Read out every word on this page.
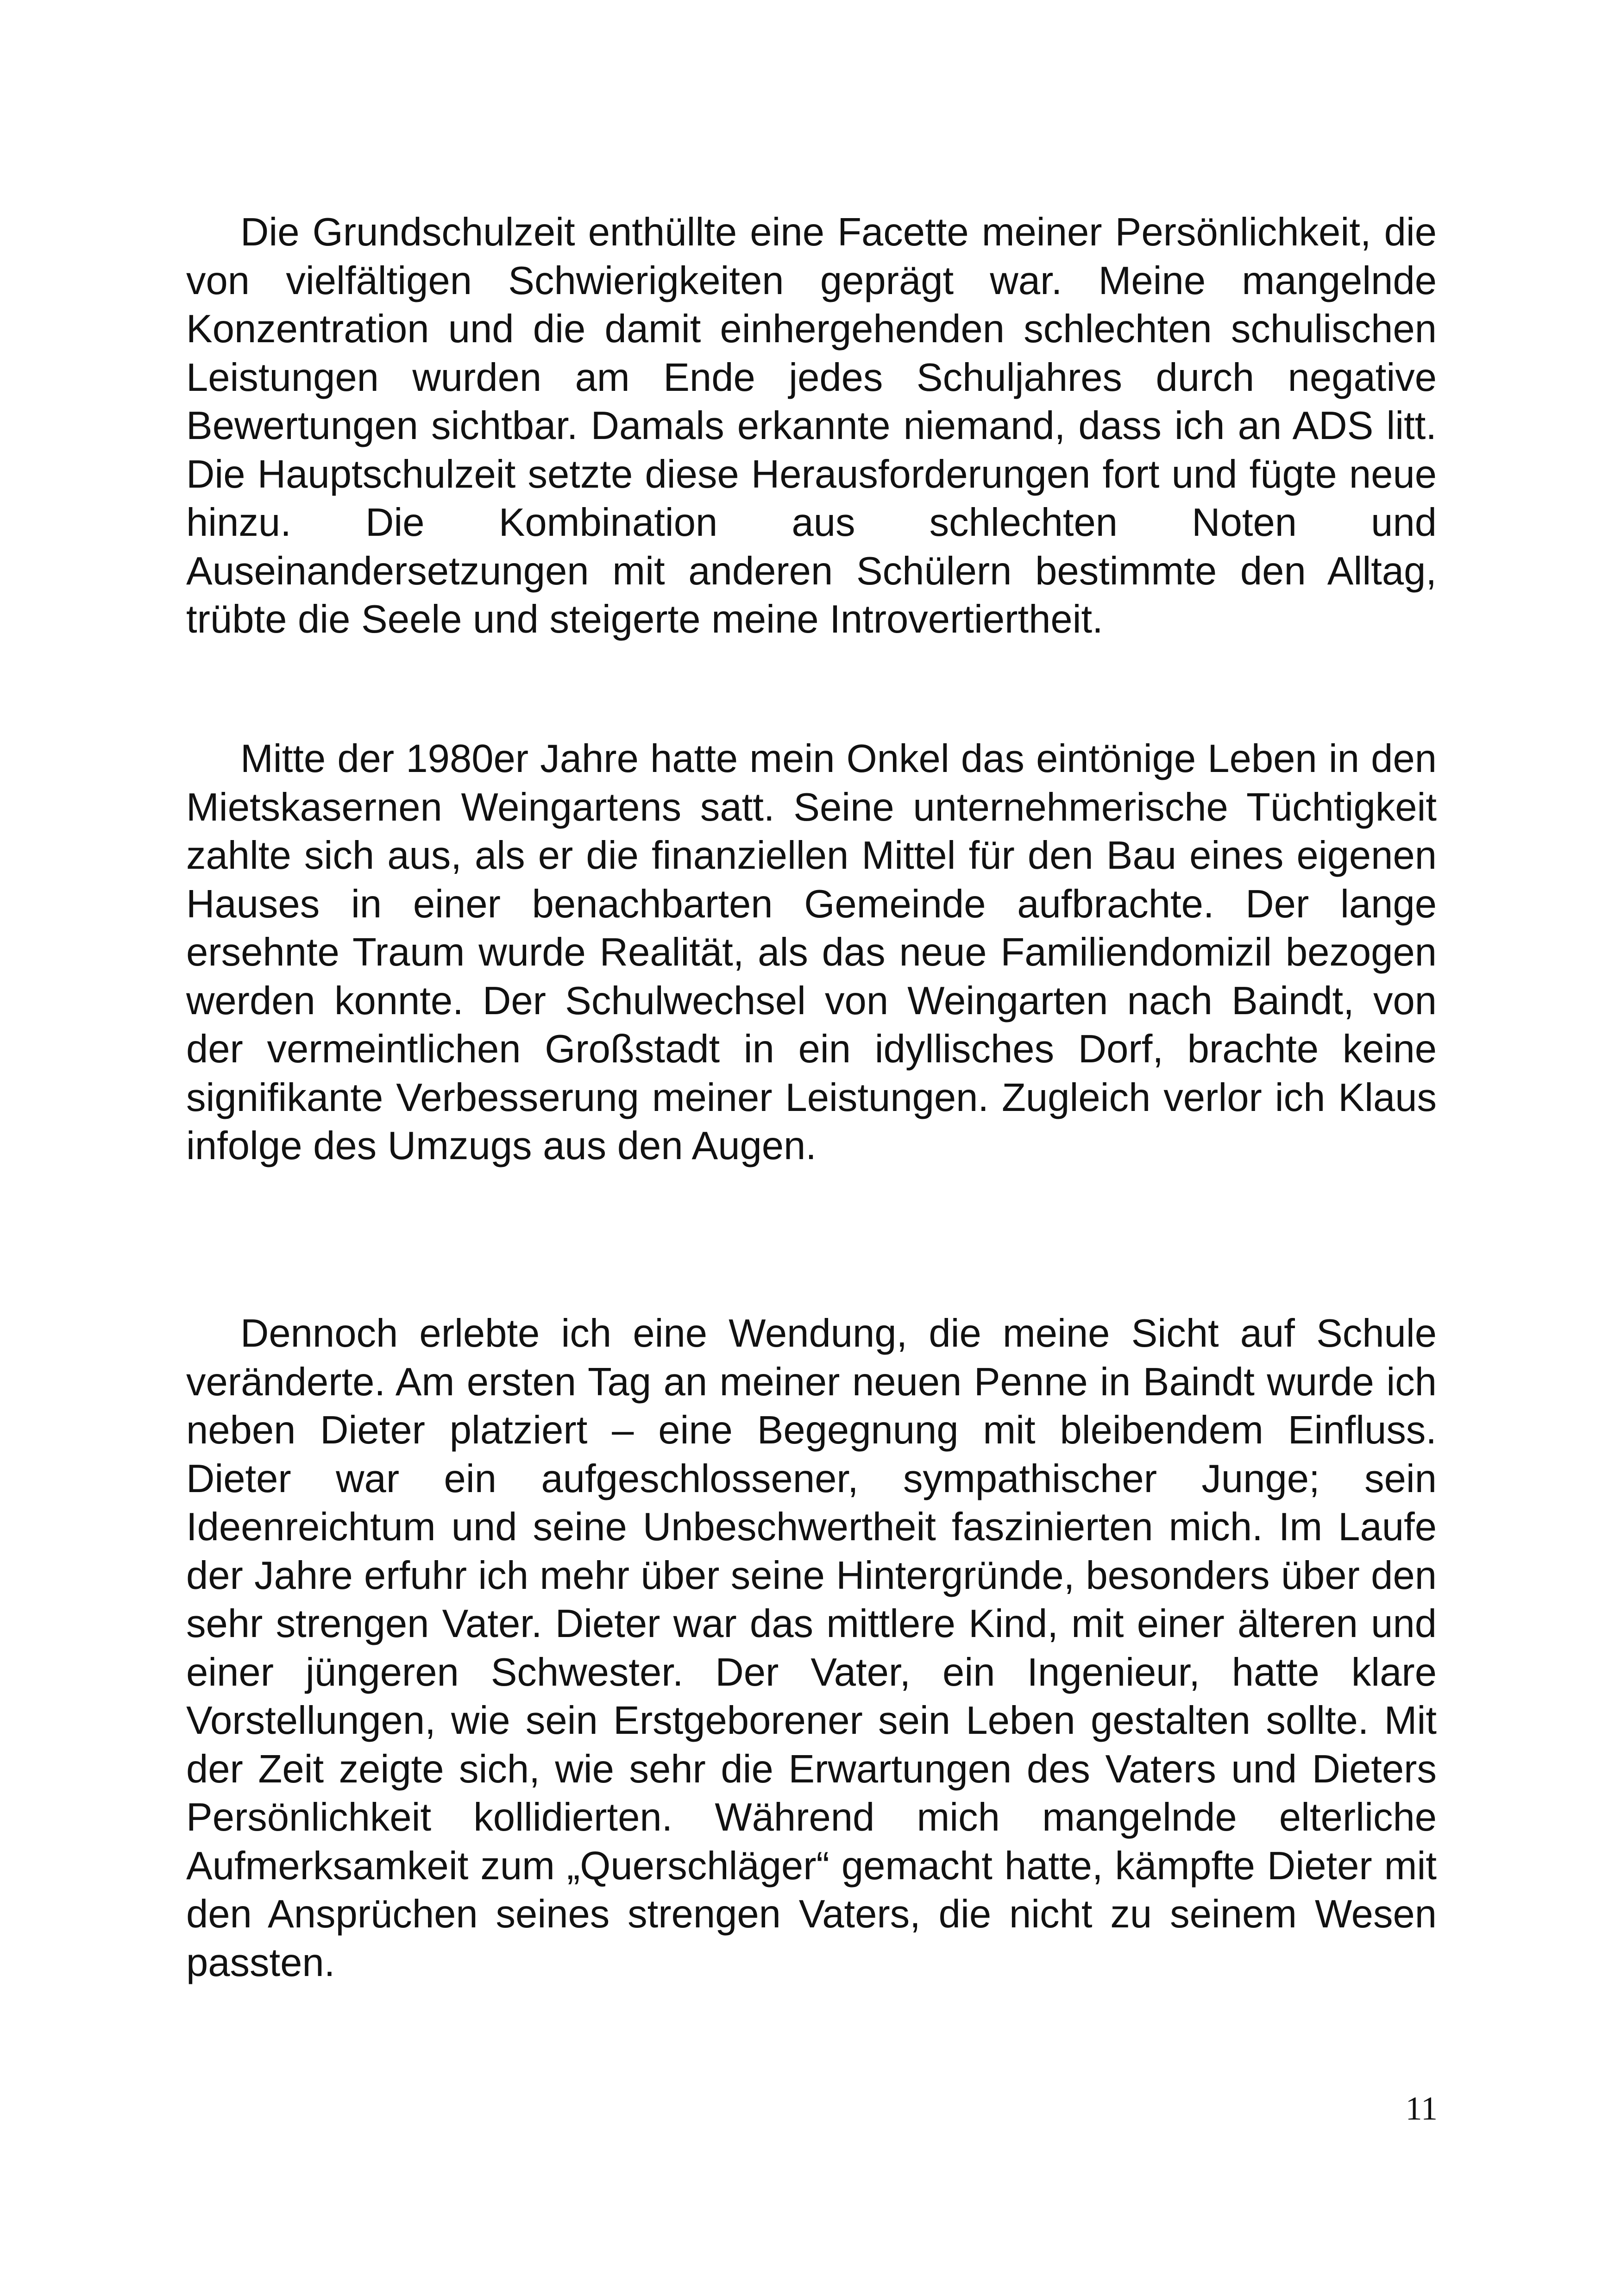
Die Grundschulzeit enthüllte eine Facette meiner Persönlichkeit, die von vielfältigen Schwierigkeiten geprägt war. Meine mangelnde Konzentration und die damit einhergehenden schlechten schulischen Leistungen wurden am Ende jedes Schuljahres durch negative Bewertungen sichtbar. Damals erkannte niemand, dass ich an ADS litt. Die Hauptschulzeit setzte diese Herausforderungen fort und fügte neue hinzu. Die Kombination aus schlechten Noten und Auseinandersetzungen mit anderen Schülern bestimmte den Alltag, trübte die Seele und steigerte meine Introvertiertheit.

Mitte der 1980er Jahre hatte mein Onkel das eintönige Leben in den Mietskasernen Weingartens satt. Seine unternehmerische Tüchtigkeit zahlte sich aus, als er die finanziellen Mittel für den Bau eines eigenen Hauses in einer benachbarten Gemeinde aufbrachte. Der lange ersehnte Traum wurde Realität, als das neue Familiendomizil bezogen werden konnte. Der Schulwechsel von Weingarten nach Baindt, von der vermeintlichen Großstadt in ein idyllisches Dorf, brachte keine signifikante Verbesserung meiner Leistungen. Zugleich verlor ich Klaus infolge des Umzugs aus den Augen.

Dennoch erlebte ich eine Wendung, die meine Sicht auf Schule veränderte. Am ersten Tag an meiner neuen Penne in Baindt wurde ich neben Dieter platziert – eine Begegnung mit bleibendem Einfluss. Dieter war ein aufgeschlossener, sympathischer Junge; sein Ideenreichtum und seine Unbeschwertheit faszinierten mich. Im Laufe der Jahre erfuhr ich mehr über seine Hintergründe, besonders über den sehr strengen Vater. Dieter war das mittlere Kind, mit einer älteren und einer jüngeren Schwester. Der Vater, ein Ingenieur, hatte klare Vorstellungen, wie sein Erstgeborener sein Leben gestalten sollte. Mit der Zeit zeigte sich, wie sehr die Erwartungen des Vaters und Dieters Persönlichkeit kollidierten. Während mich mangelnde elterliche Aufmerksamkeit zum „Querschläger“ gemacht hatte, kämpfte Dieter mit den Ansprüchen seines strengen Vaters, die nicht zu seinem Wesen passten.

11
